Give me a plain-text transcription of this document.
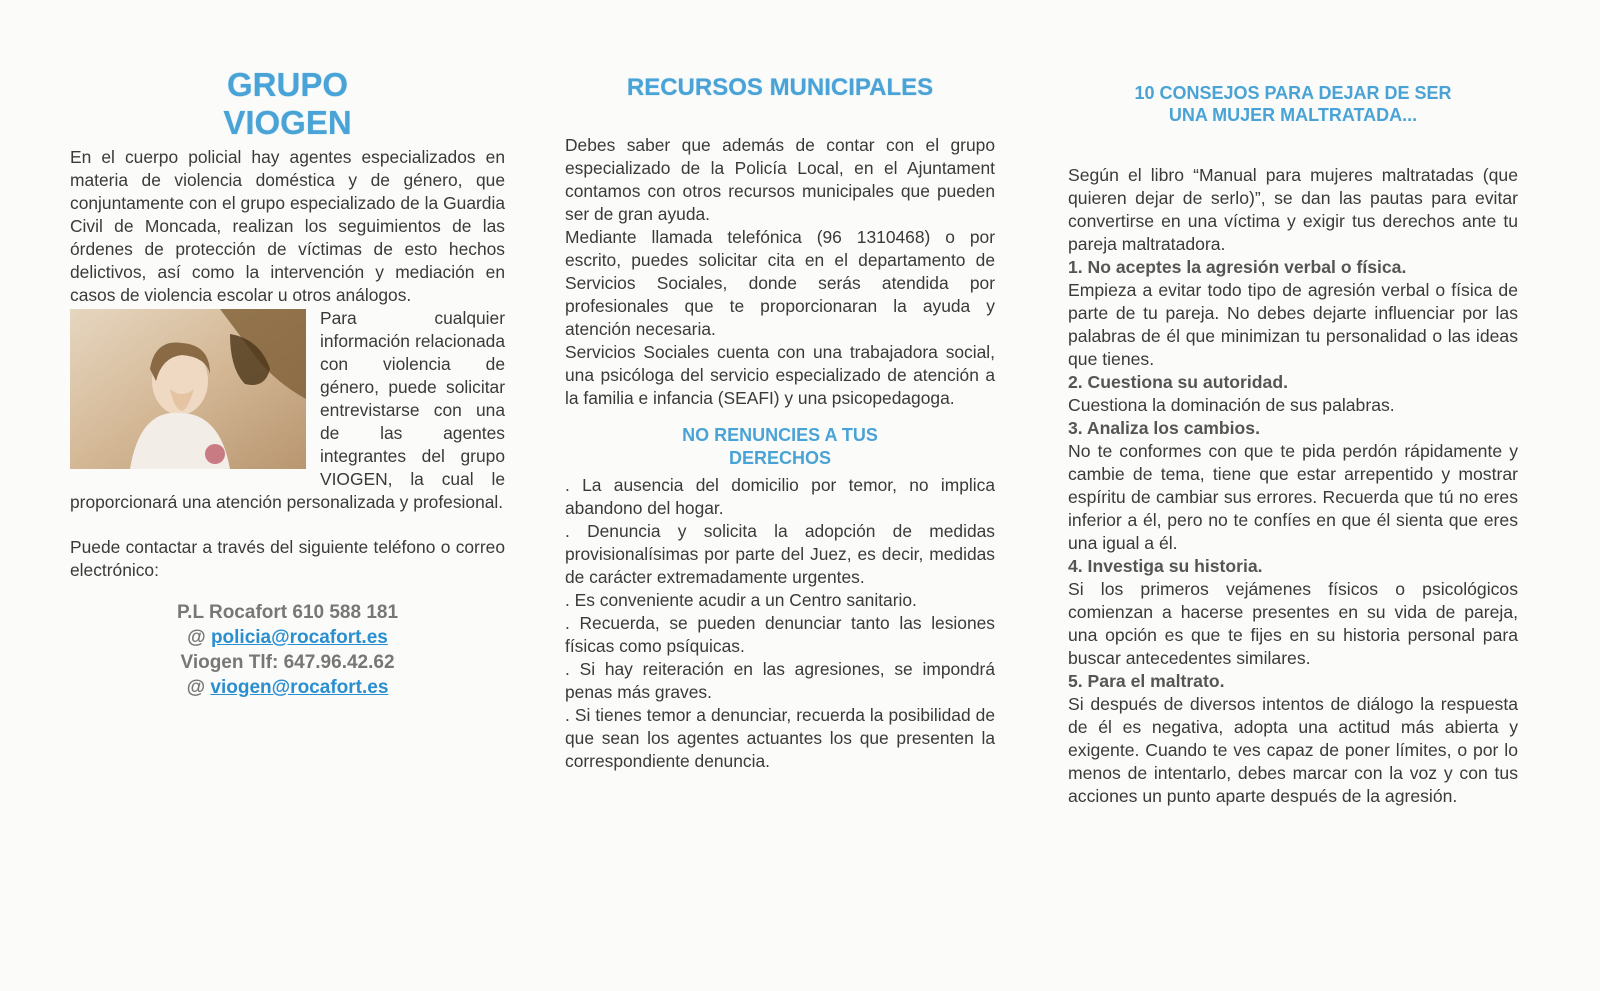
GRUPO
VIOGEN

En el cuerpo policial hay agentes especializados en materia de violencia doméstica y de género, que conjuntamente con el grupo especializado de la Guardia Civil de Moncada, realizan los seguimientos de las órdenes de protección de víctimas de esto hechos delictivos, así como la intervención y mediación en casos de violencia escolar u otros análogos.

Para cualquier información relacionada con violencia de género, puede solicitar entrevistarse con una de las agentes integrantes del grupo VIOGEN, la cual le proporcionará una atención personalizada y profesional.

Puede contactar a través del siguiente teléfono o correo electrónico:

P.L Rocafort 610 588 181
@ policia@rocafort.es
Viogen Tlf: 647.96.42.62
@ viogen@rocafort.es
RECURSOS MUNICIPALES

Debes saber que además de contar con el grupo especializado de la Policía Local, en el Ajuntament contamos con otros recursos municipales que pueden ser de gran ayuda.

Mediante llamada telefónica (96 1310468) o por escrito, puedes solicitar cita en el departamento de Servicios Sociales, donde serás atendida por profesionales que te proporcionaran la ayuda y atención necesaria.

Servicios Sociales cuenta con una trabajadora social, una psicóloga del servicio especializado de atención a la familia e infancia (SEAFI) y una psicopedagoga.

NO RENUNCIES A TUS
DERECHOS
. La ausencia del domicilio por temor, no implica abandono del hogar.
. Denuncia y solicita la adopción de medidas provisionalísimas por parte del Juez, es decir, medidas de carácter extremadamente urgentes.
. Es conveniente acudir a un Centro sanitario.
. Recuerda, se pueden denunciar tanto las lesiones físicas como psíquicas.
. Si hay reiteración en las agresiones, se impondrá penas más graves.
. Si tienes temor a denunciar, recuerda la posibilidad de que sean los agentes actuantes los que presenten la correspondiente denuncia.
10 CONSEJOS PARA DEJAR DE SER
UNA MUJER MALTRATADA...

Según el libro “Manual para mujeres maltratadas (que quieren dejar de serlo)”, se dan las pautas para evitar convertirse en una víctima y exigir tus derechos ante tu pareja maltratadora.

1. No aceptes la agresión verbal o física.

Empieza a evitar todo tipo de agresión verbal o física de parte de tu pareja. No debes dejarte influenciar por las palabras de él que minimizan tu personalidad o las ideas que tienes.

2. Cuestiona su autoridad.

Cuestiona la dominación de sus palabras.

3. Analiza los cambios.

No te conformes con que te pida perdón rápidamente y cambie de tema, tiene que estar arrepentido y mostrar espíritu de cambiar sus errores. Recuerda que tú no eres inferior a él, pero no te confíes en que él sienta que eres una igual a él.

4. Investiga su historia.

Si los primeros vejámenes físicos o psicológicos comienzan a hacerse presentes en su vida de pareja, una opción es que te fijes en su historia personal para buscar antecedentes similares.

5. Para el maltrato.

Si después de diversos intentos de diálogo la respuesta de él es negativa, adopta una actitud más abierta y exigente. Cuando te ves capaz de poner límites, o por lo menos de intentarlo, debes marcar con la voz y con tus acciones un punto aparte después de la agresión.
